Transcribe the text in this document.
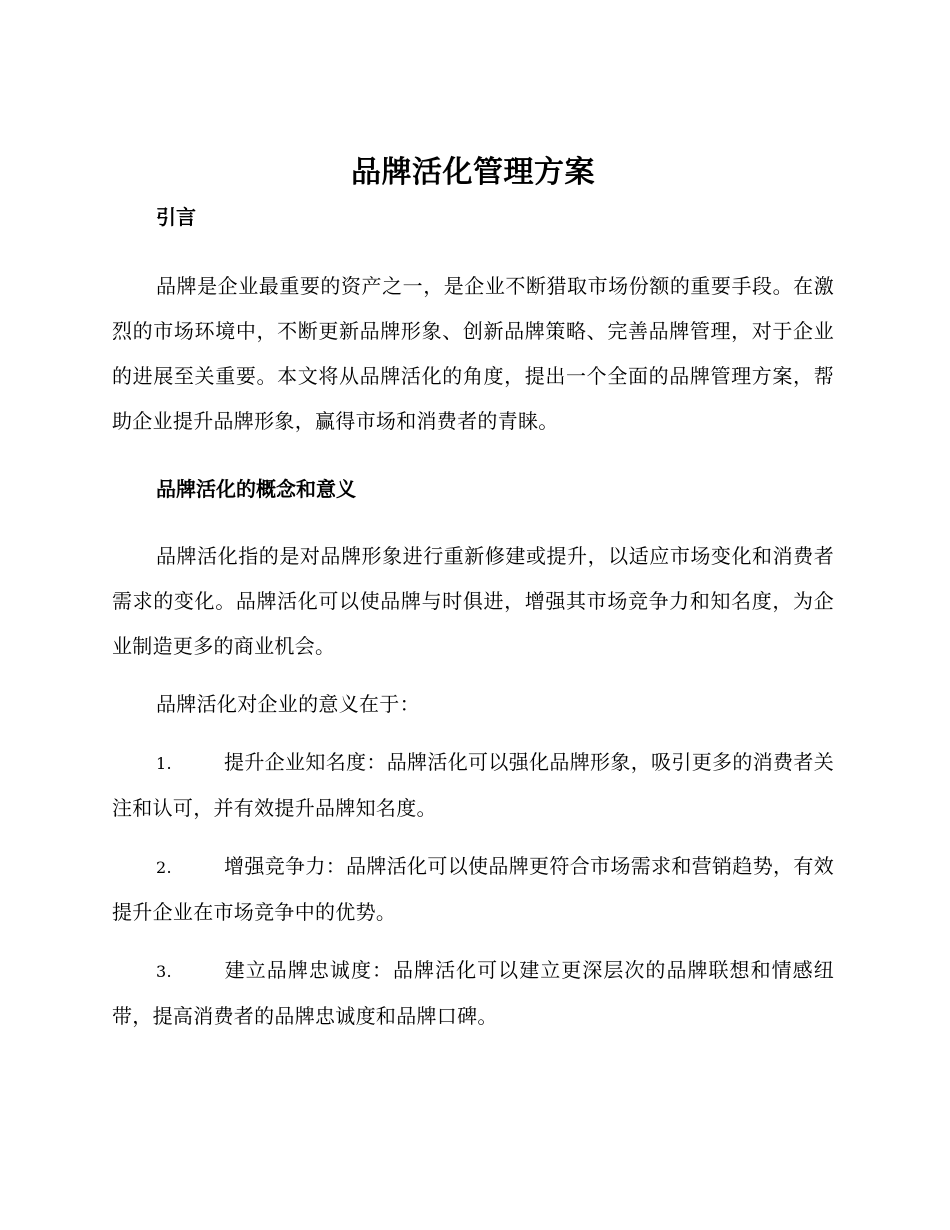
品牌活化管理方案
引言

品牌是企业最重要的资产之一，是企业不断猎取市场份额的重要手段。在激烈的市场环境中，不断更新品牌形象、创新品牌策略、完善品牌管理，对于企业的进展至关重要。本文将从品牌活化的角度，提出一个全面的品牌管理方案，帮助企业提升品牌形象，赢得市场和消费者的青睐。

品牌活化的概念和意义

品牌活化指的是对品牌形象进行重新修建或提升，以适应市场变化和消费者需求的变化。品牌活化可以使品牌与时俱进，增强其市场竞争力和知名度，为企业制造更多的商业机会。

品牌活化对企业的意义在于：

1.	提升企业知名度：品牌活化可以强化品牌形象，吸引更多的消费者关注和认可，并有效提升品牌知名度。

2.	增强竞争力：品牌活化可以使品牌更符合市场需求和营销趋势，有效提升企业在市场竞争中的优势。

3.	建立品牌忠诚度：品牌活化可以建立更深层次的品牌联想和情感纽带，提高消费者的品牌忠诚度和品牌口碑。
